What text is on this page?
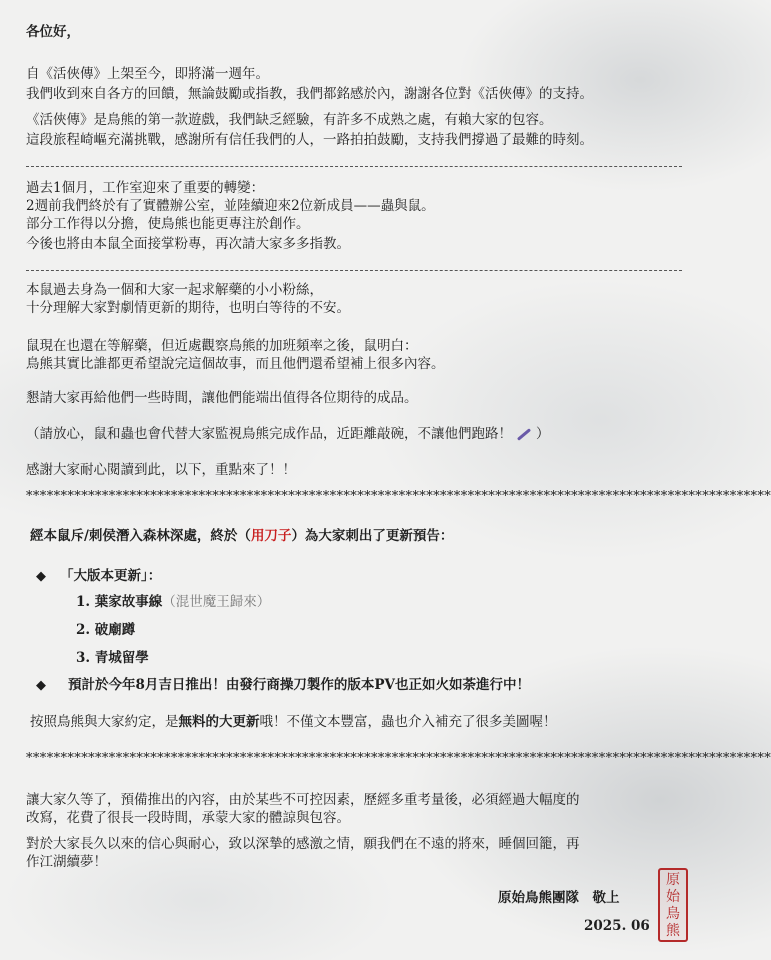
各位好，
自《活俠傳》上架至今，即將滿一週年。
我們收到來自各方的回饋，無論鼓勵或指教，我們都銘感於內，謝謝各位對《活俠傳》的支持。
《活俠傳》是鳥熊的第一款遊戲，我們缺乏經驗，有許多不成熟之處，有賴大家的包容。
這段旅程崎嶇充滿挑戰，感謝所有信任我們的人，一路拍拍鼓勵，支持我們撐過了最難的時刻。
過去1個月，工作室迎來了重要的轉變：
2週前我們終於有了實體辦公室，並陸續迎來2位新成員——蟲與鼠。
部分工作得以分擔，使鳥熊也能更專注於創作。
今後也將由本鼠全面接掌粉專，再次請大家多多指教。
本鼠過去身為一個和大家一起求解藥的小小粉絲，
十分理解大家對劇情更新的期待，也明白等待的不安。
鼠現在也還在等解藥，但近處觀察鳥熊的加班頻率之後，鼠明白：
鳥熊其實比誰都更希望說完這個故事，而且他們還希望補上很多內容。
懇請大家再給他們一些時間，讓他們能端出值得各位期待的成品。
（請放心，鼠和蟲也會代替大家監視鳥熊完成作品，近距離敲碗，不讓他們跑路！ ）
感謝大家耐心閱讀到此，以下，重點來了！！
************************************************************************************************************
經本鼠斥/刺侯潛入森林深處，終於（用刀子）為大家刺出了更新預告：
◆ 「大版本更新」：
1. 葉家故事線（混世魔王歸來）
2. 破廟蹲
3. 青城留學
◆ 預計於今年8月吉日推出！由發行商操刀製作的版本PV也正如火如荼進行中！
按照鳥熊與大家約定，是無料的大更新哦！不僅文本豐富，蟲也介入補充了很多美圖喔！
************************************************************************************************************
讓大家久等了，預備推出的內容，由於某些不可控因素，歷經多重考量後，必須經過大幅度的
改寫，花費了很長一段時間，承蒙大家的體諒與包容。
對於大家長久以來的信心與耐心，致以深摯的感激之情，願我們在不遠的將來，睡個回籠，再
作江湖續夢！
原始鳥熊團隊　敬上
2025. 06
原
始
鳥
熊
